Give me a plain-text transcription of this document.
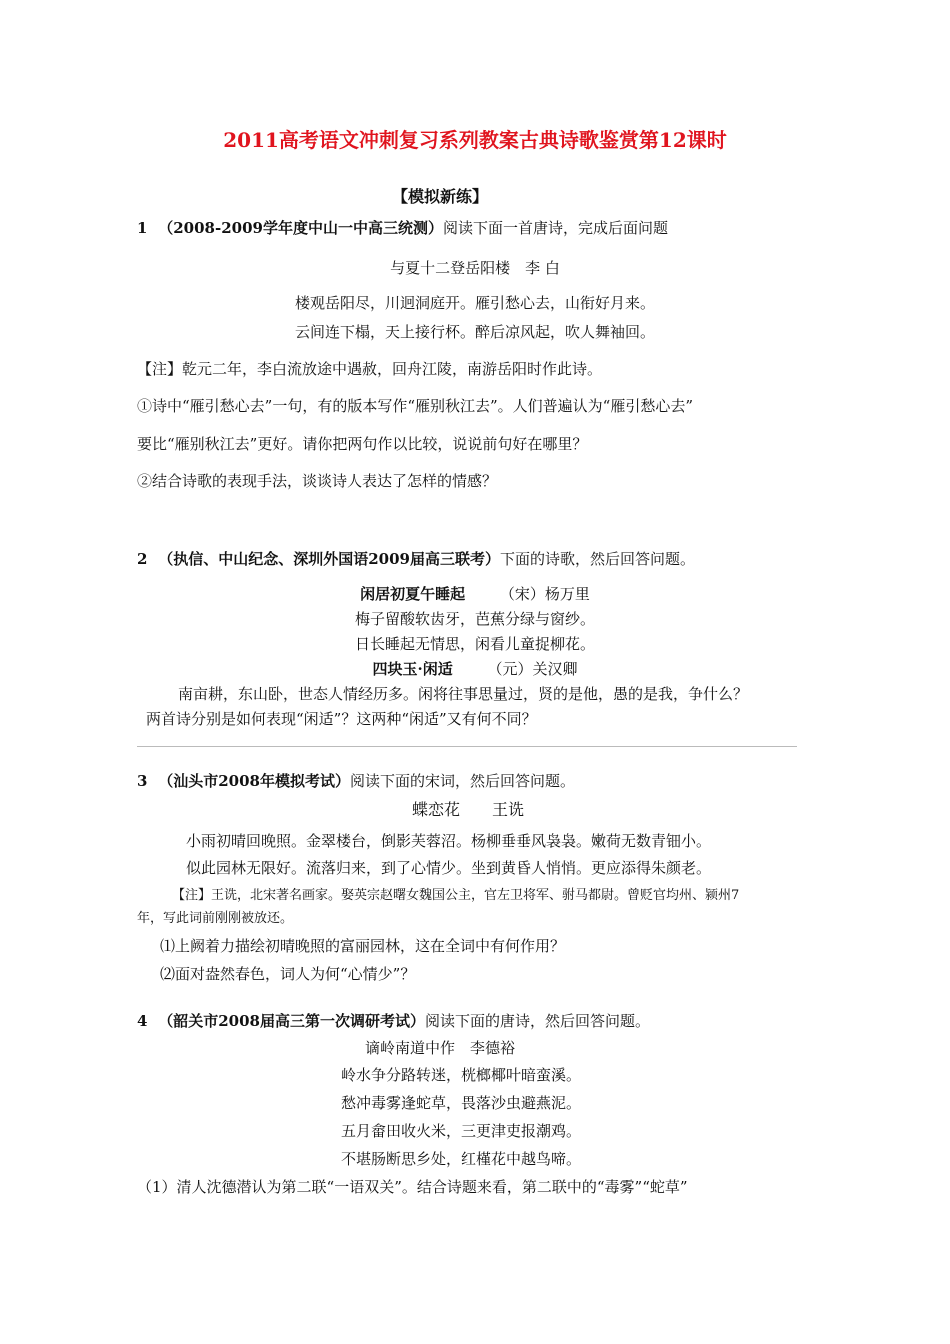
2011高考语文冲刺复习系列教案古典诗歌鉴赏第12课时
【模拟新练】
1 （2008-2009学年度中山一中高三统测）阅读下面一首唐诗，完成后面问题
与夏十二登岳阳楼　李 白
楼观岳阳尽，川迥洞庭开。雁引愁心去，山衔好月来。
云间连下榻，天上接行杯。醉后凉风起，吹人舞袖回。
【注】乾元二年，李白流放途中遇赦，回舟江陵，南游岳阳时作此诗。
①诗中“雁引愁心去”一句，有的版本写作“雁别秋江去”。人们普遍认为“雁引愁心去”
要比“雁别秋江去”更好。请你把两句作以比较，说说前句好在哪里？
②结合诗歌的表现手法，谈谈诗人表达了怎样的情感？
2 （执信、中山纪念、深圳外国语2009届高三联考）下面的诗歌，然后回答问题。
闲居初夏午睡起 （宋）杨万里
梅子留酸软齿牙，芭蕉分绿与窗纱。
日长睡起无情思，闲看儿童捉柳花。
四块玉·闲适 （元）关汉卿
南亩耕，东山卧，世态人情经历多。闲将往事思量过，贤的是他，愚的是我，争什么？
两首诗分别是如何表现“闲适”？这两种“闲适”又有何不同？
3 （汕头市2008年模拟考试）阅读下面的宋词，然后回答问题。
蝶恋花　　王诜
小雨初晴回晚照。金翠楼台，倒影芙蓉沼。杨柳垂垂风袅袅。嫩荷无数青钿小。
似此园林无限好。流落归来，到了心情少。坐到黄昏人悄悄。更应添得朱颜老。
【注】王诜，北宋著名画家。娶英宗赵曙女魏国公主，官左卫将军、驸马都尉。曾贬官均州、颍州7
年，写此词前刚刚被放还。
⑴上阙着力描绘初晴晚照的富丽园林，这在全词中有何作用？
⑵面对盎然春色，词人为何“心情少”？
4 （韶关市2008届高三第一次调研考试）阅读下面的唐诗，然后回答问题。
谪岭南道中作　李德裕
岭水争分路转迷，桄榔椰叶暗蛮溪。
愁冲毒雾逢蛇草，畏落沙虫避燕泥。
五月畲田收火米，三更津吏报潮鸡。
不堪肠断思乡处，红槿花中越鸟啼。
（1）清人沈德潜认为第二联“一语双关”。结合诗题来看，第二联中的“毒雾”“蛇草”
